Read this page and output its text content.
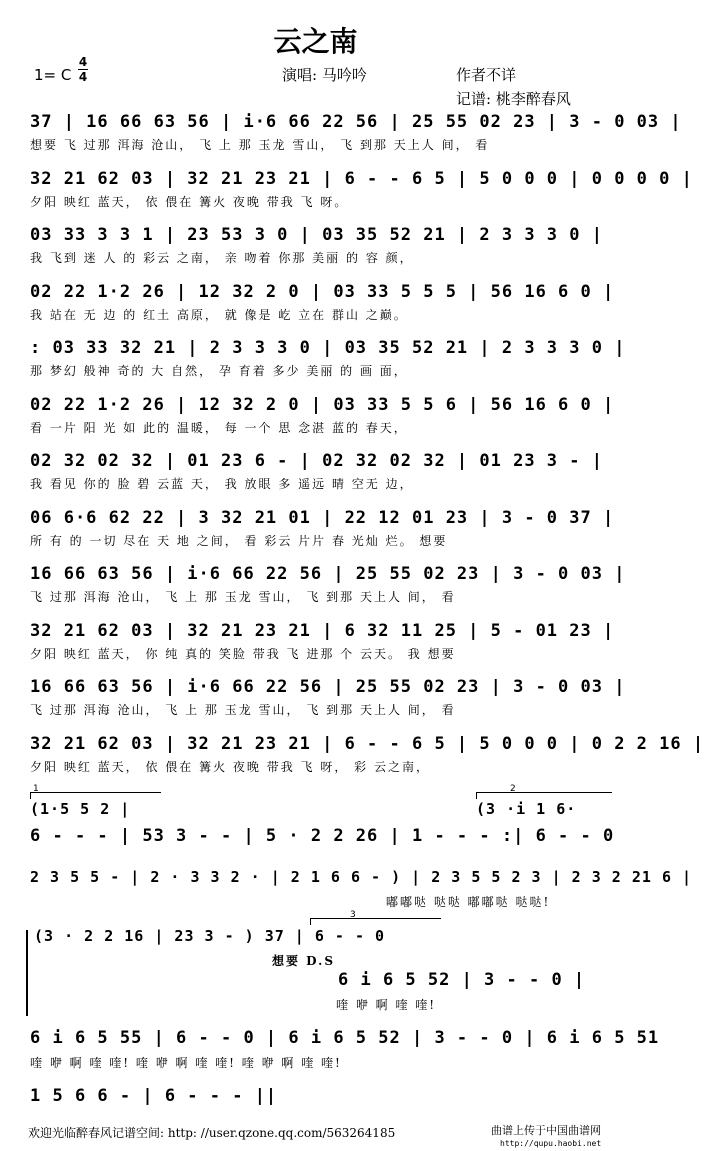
云之南
1= C
4
4	演唱: 马吟吟	作者不详
记谱: 桃李醉春风
37 | 16 66 63 56 | i·6 66 22 56 | 25 55 02 23 | 3 - 0 03 |
想要 飞 过那 洱海 沧山， 飞 上 那 玉龙 雪山， 飞 到那 天上人 间， 看
32 21 62 03 | 32 21 23 21 | 6 - - 6 5 | 5 0 0 0 | 0 0 0 0 |
夕阳 映红 蓝天， 依 偎在 篝火 夜晚 带我 飞 呀。
03 33 3 3 1 | 23 53 3 0 | 03 35 52 21 | 2 3 3 3 0 |
我 飞到 迷 人 的 彩云 之南， 亲 吻着 你那 美丽 的 容 颜，
02 22 1·2 26 | 12 32 2 0 | 03 33 5 5 5 | 56 16 6 0 |
我 站在 无 边 的 红土 高原， 就 像是 屹 立在 群山 之巅。
: 03 33 32 21 | 2 3 3 3 0 | 03 35 52 21 | 2 3 3 3 0 |
那 梦幻 般神 奇的 大 自然， 孕 育着 多少 美丽 的 画 面，
02 22 1·2 26 | 12 32 2 0 | 03 33 5 5 6 | 56 16 6 0 |
看 一片 阳 光 如 此的 温暖， 每 一个 思 念湛 蓝的 春天，
02 32 02 32 | 01 23 6 - | 02 32 02 32 | 01 23 3 - |
我 看见 你的 脸 碧 云蓝 天， 我 放眼 多 遥远 晴 空无 边，
06 6·6 62 22 | 3 32 21 01 | 22 12 01 23 | 3 - 0 37 |
所 有 的 一切 尽在 天 地 之间， 看 彩云 片片 春 光灿 烂。 想要
16 66 63 56 | i·6 66 22 56 | 25 55 02 23 | 3 - 0 03 |
飞 过那 洱海 沧山， 飞 上 那 玉龙 雪山， 飞 到那 天上人 间， 看
32 21 62 03 | 32 21 23 21 | 6 32 11 25 | 5 - 01 23 |
夕阳 映红 蓝天， 你 纯 真的 笑脸 带我 飞 进那 个 云天。 我 想要
16 66 63 56 | i·6 66 22 56 | 25 55 02 23 | 3 - 0 03 |
飞 过那 洱海 沧山， 飞 上 那 玉龙 雪山， 飞 到那 天上人 间， 看
32 21 62 03 | 32 21 23 21 | 6 - - 6 5 | 5 0 0 0 | 0 2 2 16 |
夕阳 映红 蓝天， 依 偎在 篝火 夜晚 带我 飞 呀， 彩 云之南，
1	2
(1·5 5 2 |	(3 ·i 1 6·
6 - - - | 53 3 - - | 5 · 2 2 26 | 1 - - - :| 6 - - 0
2 3 5 5 - | 2 · 3 3 2 · | 2 1 6 6 - ) | 2 3 5 5 2 3 | 2 3 2 21 6 |
嘟嘟哒 哒哒 嘟嘟哒 哒哒!
(3 · 2 2 16 | 23 3 - ) 37 | 6 - - 0
3
想要 D.S
6 i 6 5 52 | 3 - - 0 |
喹 咿 啊 喹 喹!
6 i 6 5 55 | 6 - - 0 | 6 i 6 5 52 | 3 - - 0 | 6 i 6 5 51
喹 咿 啊 喹 喹! 喹 咿 啊 喹 喹! 喹 咿 啊 喹 喹!
1 5 6 6 - | 6 - - - ||
欢迎光临醉春风记谱空间: http: //user.qzone.qq.com/563264185	曲谱上传于中国曲谱网
http://qupu.haobi.net
